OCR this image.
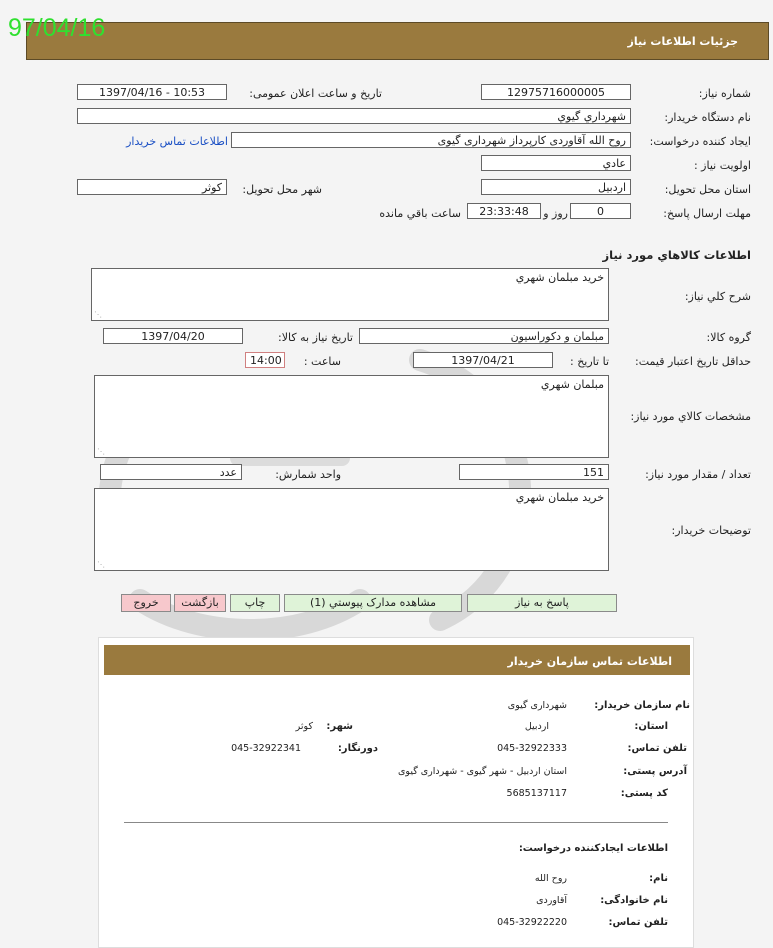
97/04/16	جزئيات اطلاعات نياز
شماره نياز:
1297571600000‎5
تاريخ و ساعت اعلان عمومی:
1397/04/16 - 10:53
نام دستگاه خريدار:
شهرداري گيوي
ايجاد کننده درخواست:
روح الله آقاوردی کارپرداز شهرداری گیوی
اطلاعات تماس خريدار
اولويت نياز :
عادي
استان محل تحويل:
اردبيل
شهر محل تحويل:
كوثر
مهلت ارسال پاسخ:
0
روز و
23:33:48
ساعت باقي مانده
اطلاعات کالاهاي مورد نياز
شرح کلي نياز:
خريد مبلمان شهري
⋰
گروه کالا:
مبلمان و دکوراسيون
تاريخ نياز به کالا:
1397/04/20
حداقل تاريخ اعتبار قيمت:
تا تاريخ :
1397/04/21
ساعت :
14:00
مشخصات کالاي مورد نياز:
مبلمان شهري
⋰
تعداد / مقدار مورد نياز:
151
واحد شمارش:
عدد
توضيحات خريدار:
خريد مبلمان شهري
⋰
پاسخ به نياز
مشاهده مدارک پيوستي (1)
چاپ
بازگشت
خروج
اطلاعات تماس سازمان خریدار
نام سازمان خریدار:
شهرداری گیوی
استان:
اردبیل
شهر:
کوثر
تلفن تماس:
045-32922333
دورنگار:
045-32922341
آدرس پستی:
استان اردبیل - شهر گیوی - شهرداری گیوی
کد پستی:
5685137117
اطلاعات ایجادکننده درخواست:
نام:
روح الله
نام خانوادگی:
آقاوردی
تلفن تماس:
045-32922220
